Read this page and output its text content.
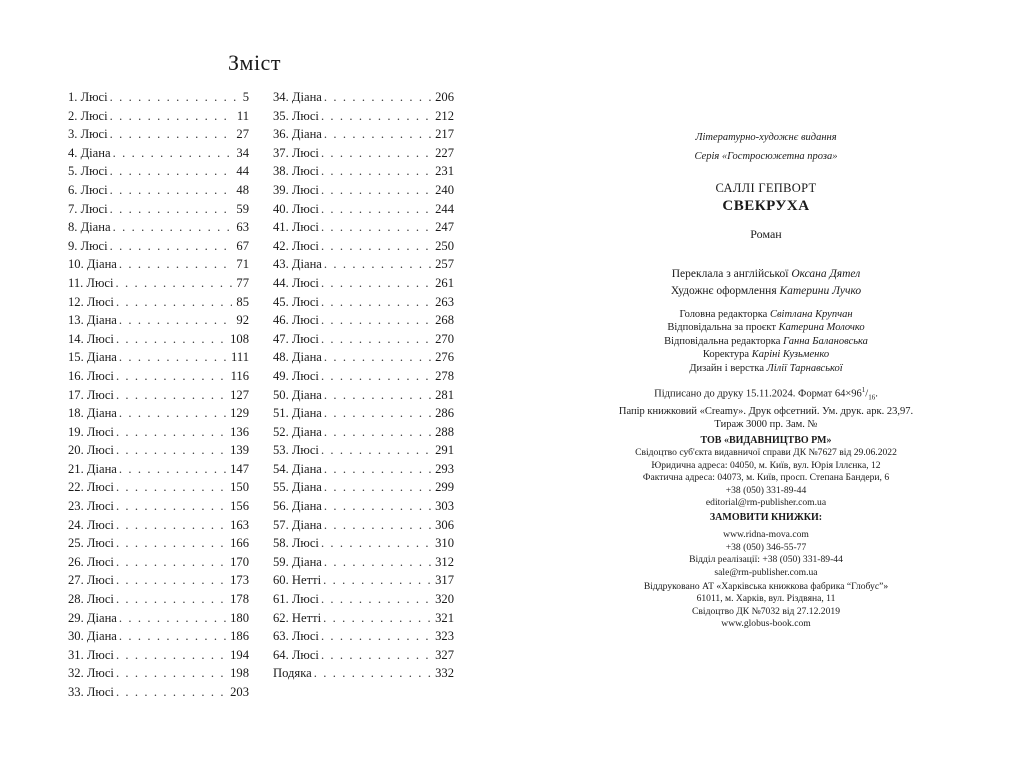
Зміст
1. Люсі . . .	5
2. Люсі . . .	11
3. Люсі . . .	27
4. Діана . . .	34
5. Люсі . . .	44
6. Люсі . . .	48
7. Люсі . . .	59
8. Діана . . .	63
9. Люсі . . .	67
10. Діана . . .	71
11. Люсі . . .	77
12. Люсі . . .	85
13. Діана . . .	92
14. Люсі . . .	108
15. Діана . . .	111
16. Люсі . . .	116
17. Люсі . . .	127
18. Діана . . .	129
19. Люсі . . .	136
20. Люсі . . .	139
21. Діана . . .	147
22. Люсі . . .	150
23. Люсі . . .	156
24. Люсі . . .	163
25. Люсі . . .	166
26. Люсі . . .	170
27. Люсі . . .	173
28. Люсі . . .	178
29. Діана . . .	180
30. Діана . . .	186
31. Люсі . . .	194
32. Люсі . . .	198
33. Люсі . . .	203
34. Діана . . .	206
35. Люсі . . .	212
36. Діана . . .	217
37. Люсі . . .	227
38. Люсі . . .	231
39. Люсі . . .	240
40. Люсі . . .	244
41. Люсі . . .	247
42. Люсі . . .	250
43. Діана . . .	257
44. Люсі . . .	261
45. Люсі . . .	263
46. Люсі . . .	268
47. Люсі . . .	270
48. Діана . . .	276
49. Люсі . . .	278
50. Діана . . .	281
51. Діана . . .	286
52. Діана . . .	288
53. Люсі . . .	291
54. Діана . . .	293
55. Діана . . .	299
56. Діана . . .	303
57. Діана . . .	306
58. Люсі . . .	310
59. Діана . . .	312
60. Нетті . . .	317
61. Люсі . . .	320
62. Нетті . . .	321
63. Люсі . . .	323
64. Люсі . . .	327
Подяка . . .	332
Літературно-художнє видання
Серія «Гостросюжетна проза»
САЛЛІ ГЕПВОРТ
СВЕКРУХА
Роман
Переклала з англійської Оксана Дятел
Художнє оформлення Катерини Лучко
Головна редакторка Світлана Крупчан
Відповідальна за проєкт Катерина Молочко
Відповідальна редакторка Ганна Балановська
Коректура Каріні Кузьменко
Дизайн і верстка Лілії Тарнавської
Підписано до друку 15.11.2024. Формат $64\times 96^1/_{16}$.
Папір книжковий «Creamy». Друк офсетний. Ум. друк. арк. 23,97.
Тираж 3000 пр. Зам. №
ТОВ «ВИДАВНИЦТВО РМ»
Свідоцтво суб'єкта видавничої справи ДК №7627 від 29.06.2022
Юридична адреса: 04050, м. Київ, вул. Юрія Іллєнка, 12
Фактична адреса: 04073, м. Київ, просп. Степана Бандери, 6
+38 (050) 331-89-44
editorial@rm-publisher.com.ua
ЗАМОВИТИ КНИЖКИ:
www.ridna-mova.com
+38 (050) 346-55-77
Відділ реалізації: +38 (050) 331-89-44
sale@rm-publisher.com.ua
Віддруковано АТ «Харківська книжкова фабрика “Глобус”»
61011, м. Харків, вул. Різдвяна, 11
Свідоцтво ДК №7032 від 27.12.2019
www.globus-book.com
